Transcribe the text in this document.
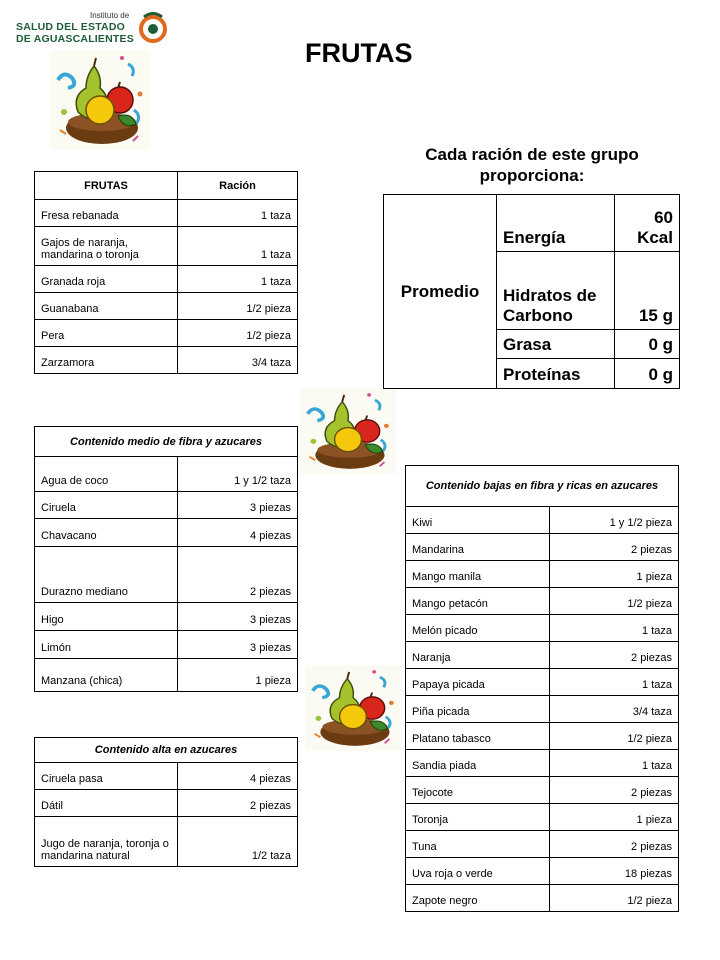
Instituto de
SALUD DEL ESTADO
DE AGUASCALIENTES	FRUTAS
Cada ración de este grupo proporciona:
Promedio	Energía	60 Kcal
	Hidratos de Carbono	15 g
	Grasa	0 g
	Proteínas	0 g
FRUTAS	Ración
Fresa rebanada	1 taza
Gajos de naranja, mandarina o toronja	1 taza
Granada roja	1 taza
Guanabana	1/2 pieza
Pera	1/2 pieza
Zarzamora	3/4 taza
Contenido medio de fibra y azucares	
Agua de coco	1 y 1/2 taza
Ciruela	3 piezas
Chavacano	4 piezas
Durazno mediano	2 piezas
Higo	3 piezas
Limón	3 piezas
Manzana (chica)	1 pieza
Contenido alta en azucares	
Ciruela pasa	4 piezas
Dátil	2 piezas
Jugo de naranja, toronja o mandarina natural	1/2 taza
Contenido bajas en fibra y ricas en azucares	
Kiwi	1 y 1/2 pieza
Mandarina	2 piezas
Mango manila	1 pieza
Mango petacón	1/2 pieza
Melón picado	1 taza
Naranja	2 piezas
Papaya picada	1 taza
Piña picada	3/4 taza
Platano tabasco	1/2 pieza
Sandia piada	1 taza
Tejocote	2 piezas
Toronja	1 pieza
Tuna	2 piezas
Uva roja o verde	18 piezas
Zapote negro	1/2 pieza
